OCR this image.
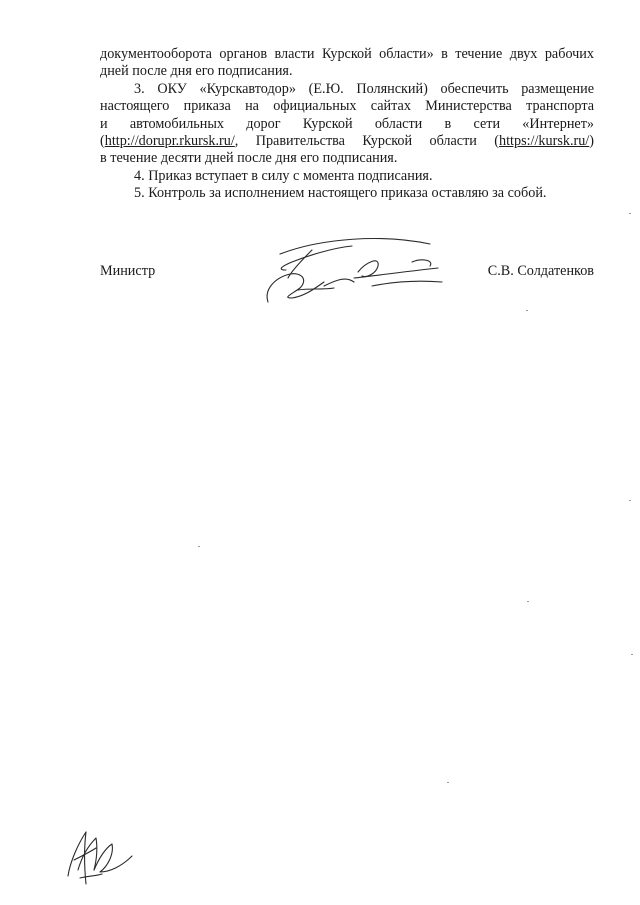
документооборота органов власти Курской области» в течение двух рабочих
дней после дня его подписания.
3. ОКУ «Курскавтодор» (Е.Ю. Полянский) обеспечить размещение
настоящего приказа на официальных сайтах Министерства транспорта
и автомобильных дорог Курской области в сети «Интернет»
(http://dorupr.rkursk.ru/, Правительства Курской области (https://kursk.ru/)
в течение десяти дней после дня его подписания.
4. Приказ вступает в силу с момента подписания.
5. Контроль за исполнением настоящего приказа оставляю за собой.
Министр	С.В. Солдатенков
